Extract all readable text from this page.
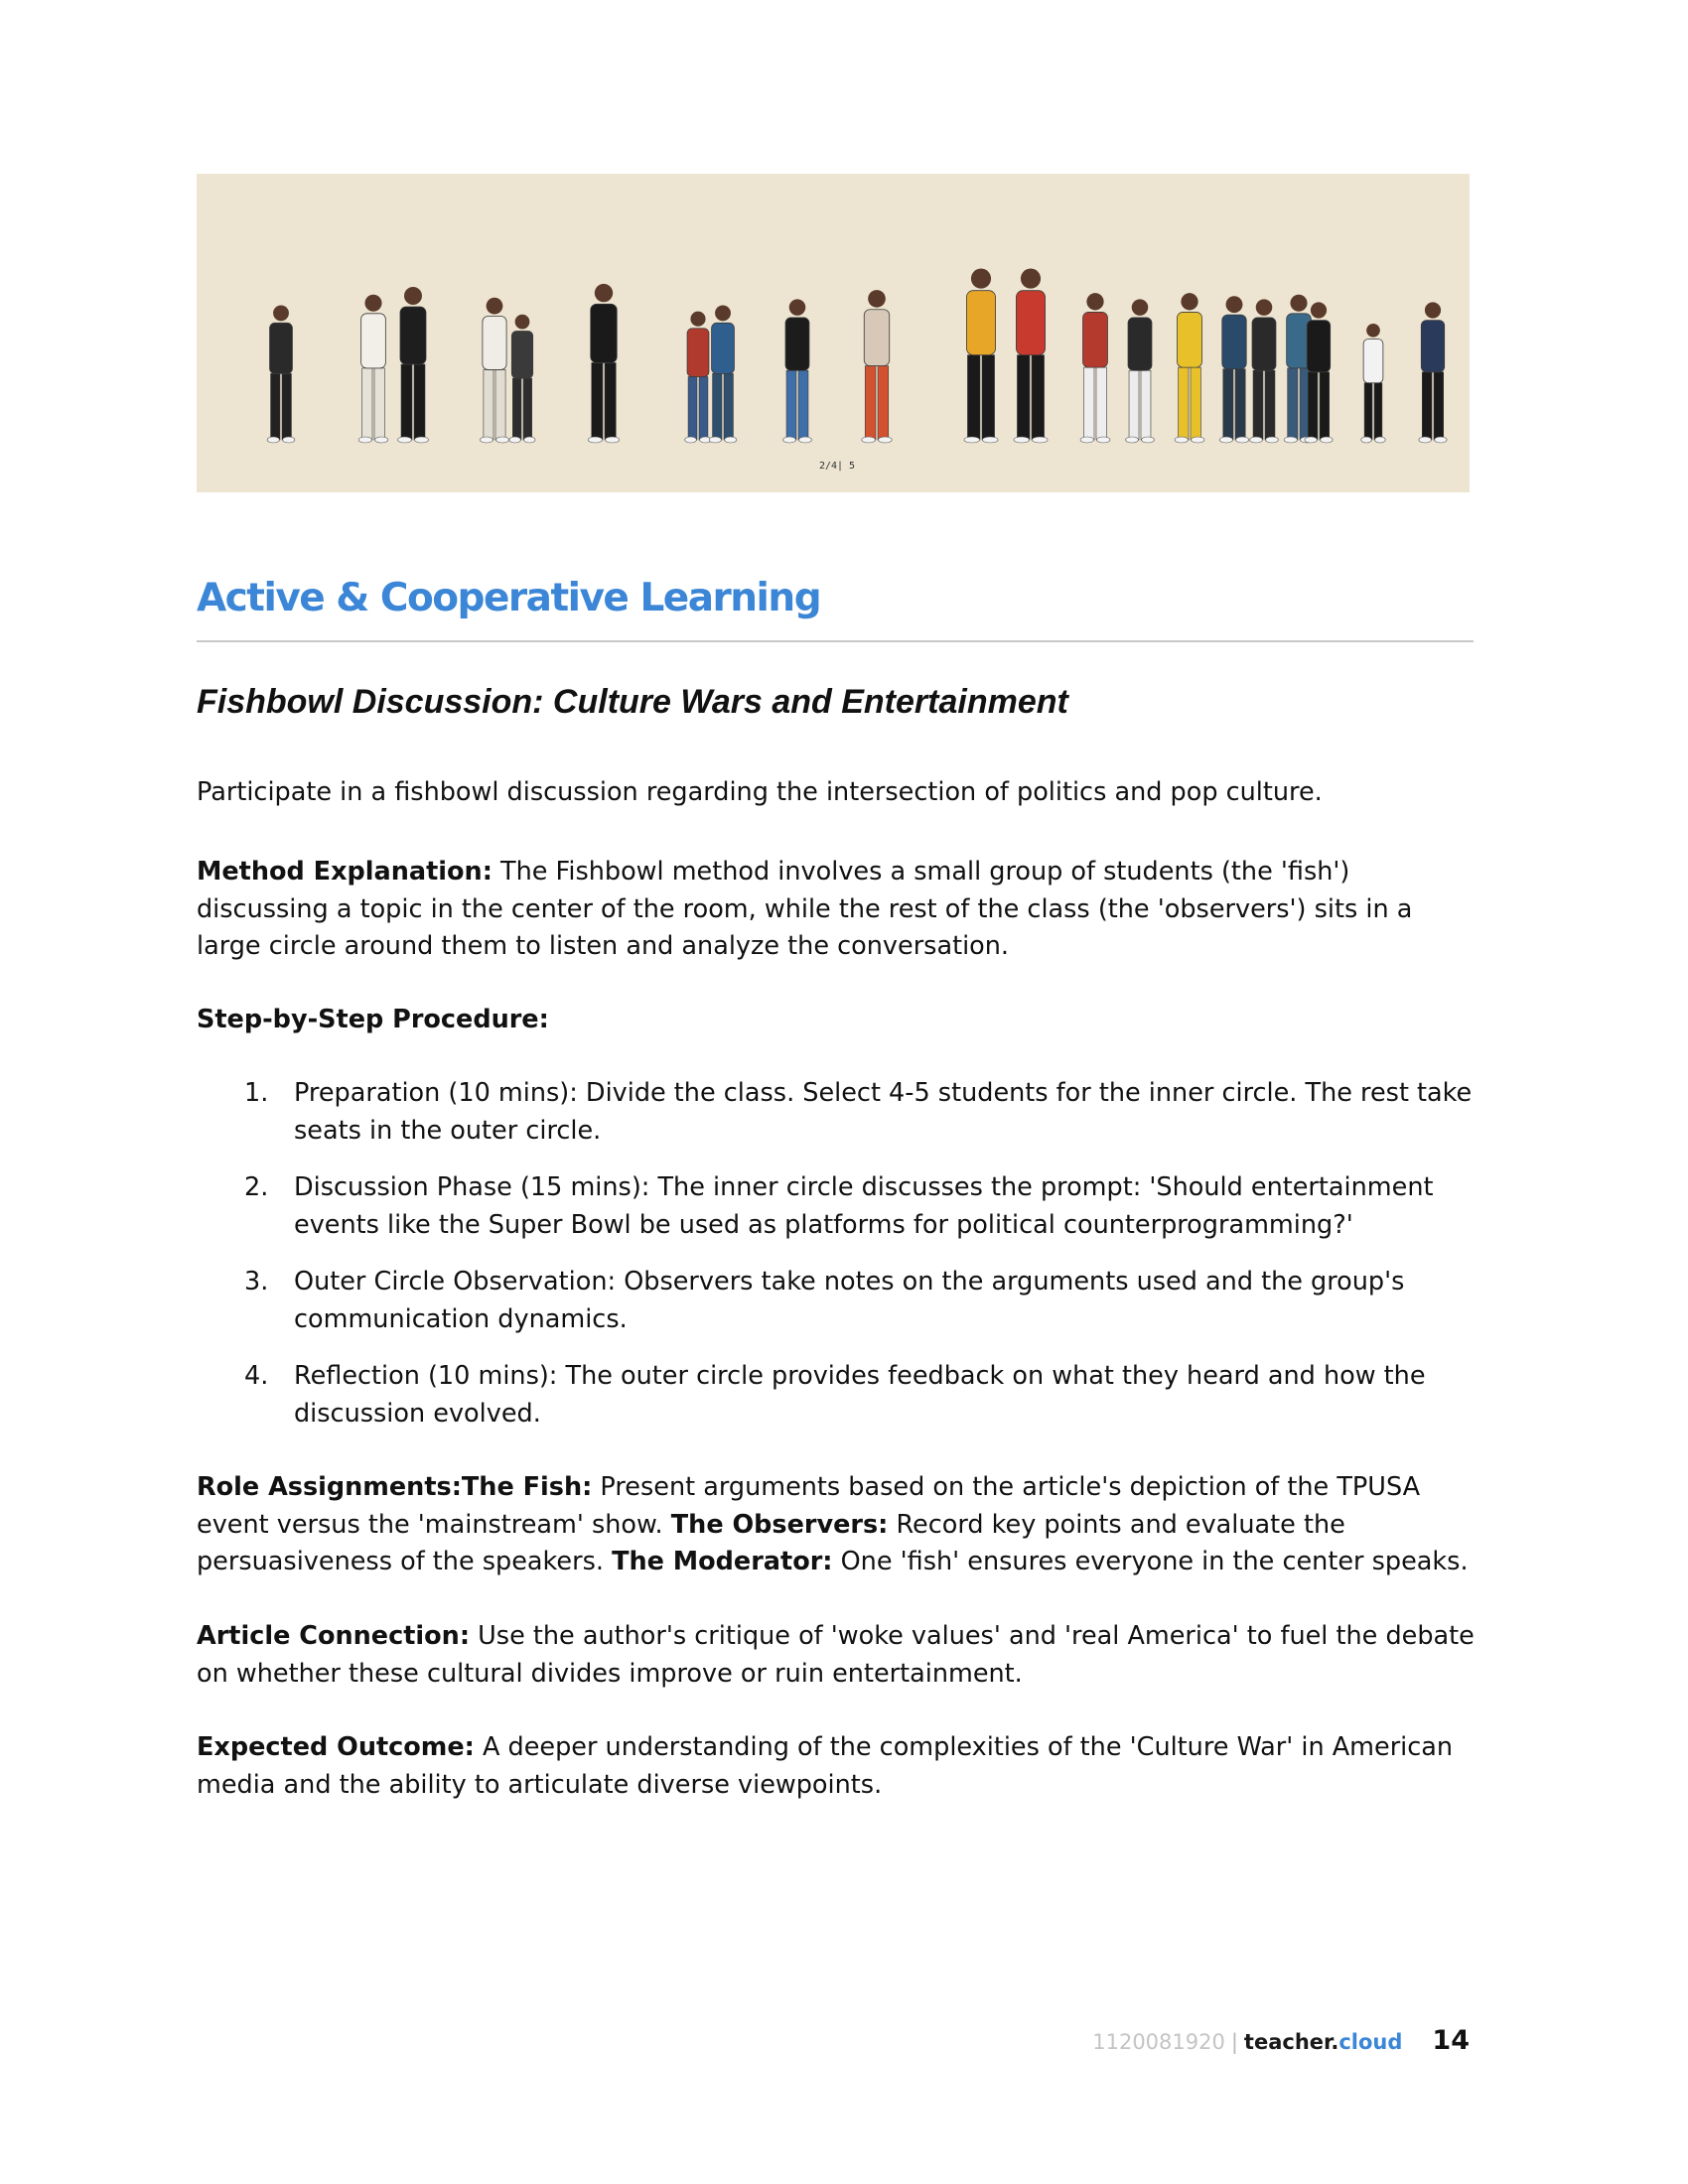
2/4| 5
Active & Cooperative Learning
Fishbowl Discussion: Culture Wars and Entertainment

Participate in a fishbowl discussion regarding the intersection of politics and pop culture.

Method Explanation: The Fishbowl method involves a small group of students (the 'fish') discussing a topic in the center of the room, while the rest of the class (the 'observers') sits in a large circle around them to listen and analyze the conversation.

Step-by-Step Procedure:

1. Preparation (10 mins): Divide the class. Select 4-5 students for the inner circle. The rest take seats in the outer circle.
2. Discussion Phase (15 mins): The inner circle discusses the prompt: 'Should entertainment events like the Super Bowl be used as platforms for political counterprogramming?'
3. Outer Circle Observation: Observers take notes on the arguments used and the group's communication dynamics.
4. Reflection (10 mins): The outer circle provides feedback on what they heard and how the discussion evolved.

Role Assignments:The Fish: Present arguments based on the article's depiction of the TPUSA event versus the 'mainstream' show. The Observers: Record key points and evaluate the persuasiveness of the speakers. The Moderator: One 'fish' ensures everyone in the center speaks.

Article Connection: Use the author's critique of 'woke values' and 'real America' to fuel the debate on whether these cultural divides improve or ruin entertainment.

Expected Outcome: A deeper understanding of the complexities of the 'Culture War' in American media and the ability to articulate diverse viewpoints.

1120081920 | teacher.cloud 14
